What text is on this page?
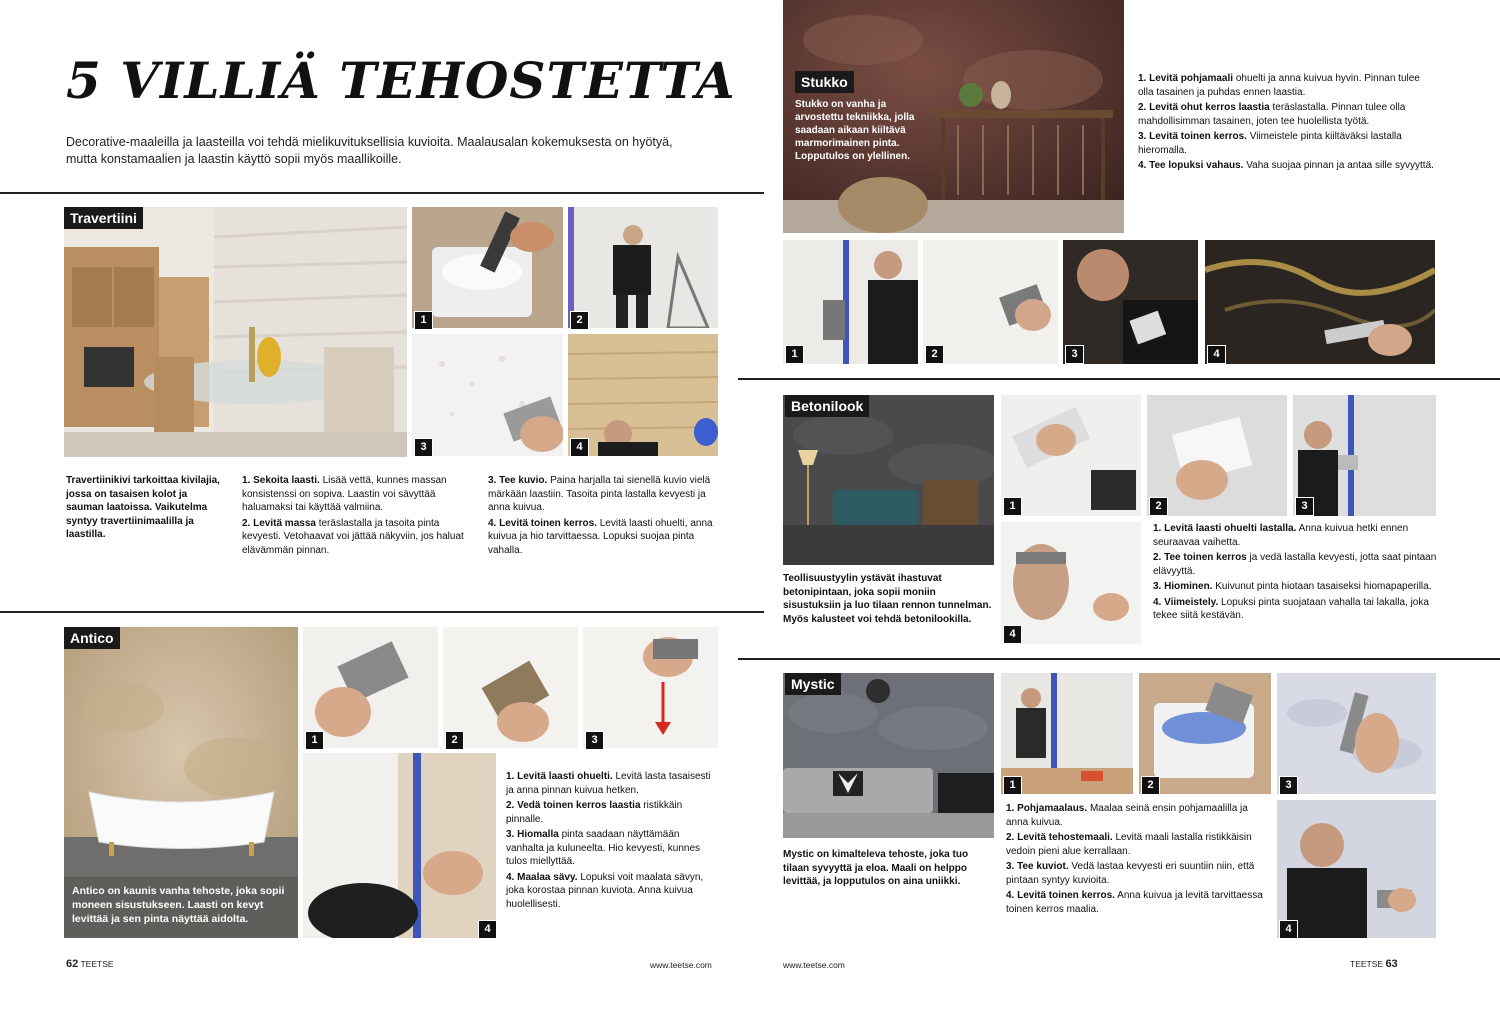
5 VILLIÄ TEHOSTETTA
Decorative-maaleilla ja laasteilla voi tehdä mielikuvituksellisia kuvioita. Maalausalan kokemuksesta on hyötyä, mutta konstamaalien ja laastin käyttö sopii myös maallikoille.
Travertiini
1	2
3	4
Travertiinikivi tarkoittaa kivilajia, jossa on tasaisen kolot ja sauman laatoissa. Vaikutelma syntyy travertiinimaalilla ja laastilla.

1. Sekoita laasti. Lisää vettä, kunnes massan konsistenssi on sopiva. Laastin voi sävyttää haluamaksi tai käyttää valmiina.

2. Levitä massa teräslastalla ja tasoita pinta kevyesti. Vetohaavat voi jättää näkyviin, jos haluat elävämmän pinnan.

3. Tee kuvio. Paina harjalla tai sienellä kuvio vielä märkään laastiin. Tasoita pinta lastalla kevyesti ja anna kuivua.

4. Levitä toinen kerros. Levitä laasti ohuelti, anna kuivua ja hio tarvittaessa. Lopuksi suojaa pinta vahalla.

Antico
Antico on kaunis vanha tehoste, joka sopii moneen sisustukseen. Laasti on kevyt levittää ja sen pinta näyttää aidolta.
1	2	3
4

1. Levitä laasti ohuelti. Levitä lasta tasaisesti ja anna pinnan kuivua hetken.

2. Vedä toinen kerros laastia ristikkäin pinnalle.

3. Hiomalla pinta saadaan näyttämään vanhalta ja kuluneelta. Hio kevyesti, kunnes tulos miellyttää.

4. Maalaa sävy. Lopuksi voit maalata sävyn, joka korostaa pinnan kuviota. Anna kuivua huolellisesti.

62 TEETSE	www.teetse.com
Stukko
Stukko on vanha ja arvostettu tekniikka, jolla saadaan aikaan kiiltävä marmorimainen pinta. Lopputulos on ylellinen.

1. Levitä pohjamaali ohuelti ja anna kuivua hyvin. Pinnan tulee olla tasainen ja puhdas ennen laastia.

2. Levitä ohut kerros laastia teräslastalla. Pinnan tulee olla mahdollisimman tasainen, joten tee huolellista työtä.

3. Levitä toinen kerros. Viimeistele pinta kiiltäväksi lastalla hieromalla.

4. Tee lopuksi vahaus. Vaha suojaa pinnan ja antaa sille syvyyttä.

1	2	3	4
Betonilook
Teollisuustyylin ystävät ihastuvat betonipintaan, joka sopii moniin sisustuksiin ja luo tilaan rennon tunnelman. Myös kalusteet voi tehdä betonilookilla.
1	2	3
4

1. Levitä laasti ohuelti lastalla. Anna kuivua hetki ennen seuraavaa vaihetta.

2. Tee toinen kerros ja vedä lastalla kevyesti, jotta saat pintaan elävyyttä.

3. Hiominen. Kuivunut pinta hiotaan tasaiseksi hiomapaperilla.

4. Viimeistely. Lopuksi pinta suojataan vahalla tai lakalla, joka tekee siitä kestävän.

Mystic
Mystic on kimalteleva tehoste, joka tuo tilaan syvyyttä ja eloa. Maali on helppo levittää, ja lopputulos on aina uniikki.
1	2	3
4

1. Pohjamaalaus. Maalaa seinä ensin pohjamaalilla ja anna kuivua.

2. Levitä tehostemaali. Levitä maali lastalla ristikkäisin vedoin pieni alue kerrallaan.

3. Tee kuviot. Vedä lastaa kevyesti eri suuntiin niin, että pintaan syntyy kuvioita.

4. Levitä toinen kerros. Anna kuivua ja levitä tarvittaessa toinen kerros maalia.

www.teetse.com	TEETSE 63
